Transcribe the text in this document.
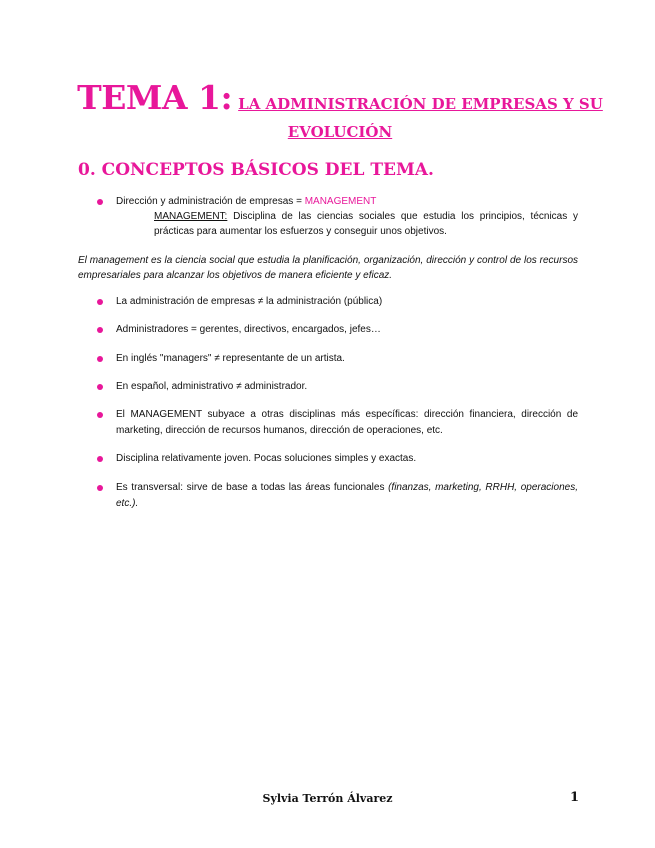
TEMA 1: LA ADMINISTRACIÓN DE EMPRESAS Y SU
EVOLUCIÓN
0. CONCEPTOS BÁSICOS DEL TEMA.
Dirección y administración de empresas = MANAGEMENT
MANAGEMENT: Disciplina de las ciencias sociales que estudia los principios, técnicas y prácticas para aumentar los esfuerzos y conseguir unos objetivos.
El management es la ciencia social que estudia la planificación, organización, dirección y control de los recursos empresariales para alcanzar los objetivos de manera eficiente y eficaz.
La administración de empresas ≠ la administración (pública)
Administradores = gerentes, directivos, encargados, jefes…
En inglés "managers" ≠ representante de un artista.
En español, administrativo ≠ administrador.
El MANAGEMENT subyace a otras disciplinas más específicas: dirección financiera, dirección de marketing, dirección de recursos humanos, dirección de operaciones, etc.
Disciplina relativamente joven. Pocas soluciones simples y exactas.
Es transversal: sirve de base a todas las áreas funcionales (finanzas, marketing, RRHH, operaciones, etc.).
Sylvia Terrón Álvarez	1
